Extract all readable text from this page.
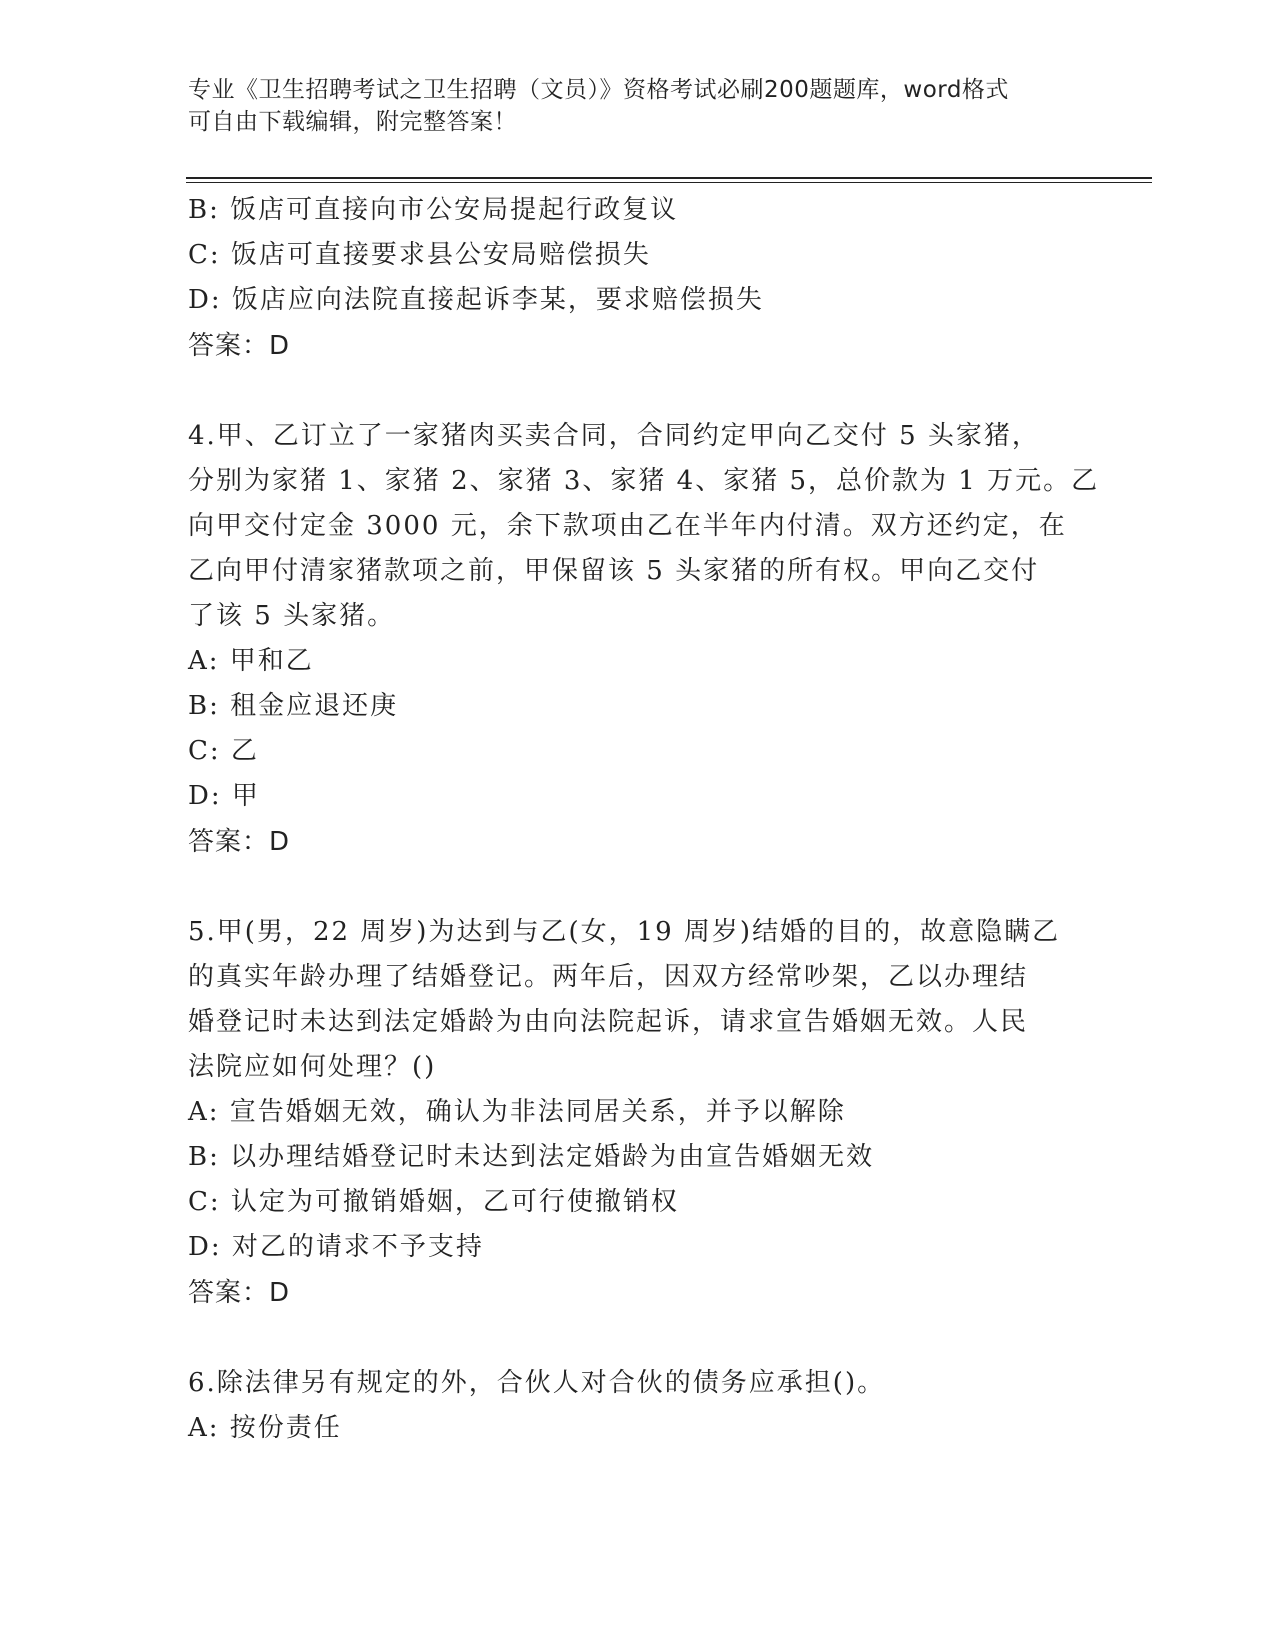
专业《卫生招聘考试之卫生招聘（文员）》资格考试必刷200题题库，word格式
可自由下载编辑，附完整答案！
B: 饭店可直接向市公安局提起行政复议
C: 饭店可直接要求县公安局赔偿损失
D: 饭店应向法院直接起诉李某，要求赔偿损失
答案：D
4.甲、乙订立了一家猪肉买卖合同，合同约定甲向乙交付 5 头家猪，
分别为家猪 1、家猪 2、家猪 3、家猪 4、家猪 5，总价款为 1 万元。乙
向甲交付定金 3000 元，余下款项由乙在半年内付清。双方还约定，在
乙向甲付清家猪款项之前，甲保留该 5 头家猪的所有权。甲向乙交付
了该 5 头家猪。
A: 甲和乙
B: 租金应退还庚
C: 乙
D: 甲
答案：D
5.甲(男，22 周岁)为达到与乙(女，19 周岁)结婚的目的，故意隐瞒乙
的真实年龄办理了结婚登记。两年后，因双方经常吵架，乙以办理结
婚登记时未达到法定婚龄为由向法院起诉，请求宣告婚姻无效。人民
法院应如何处理？()
A: 宣告婚姻无效，确认为非法同居关系，并予以解除
B: 以办理结婚登记时未达到法定婚龄为由宣告婚姻无效
C: 认定为可撤销婚姻，乙可行使撤销权
D: 对乙的请求不予支持
答案：D
6.除法律另有规定的外，合伙人对合伙的债务应承担()。
A: 按份责任
